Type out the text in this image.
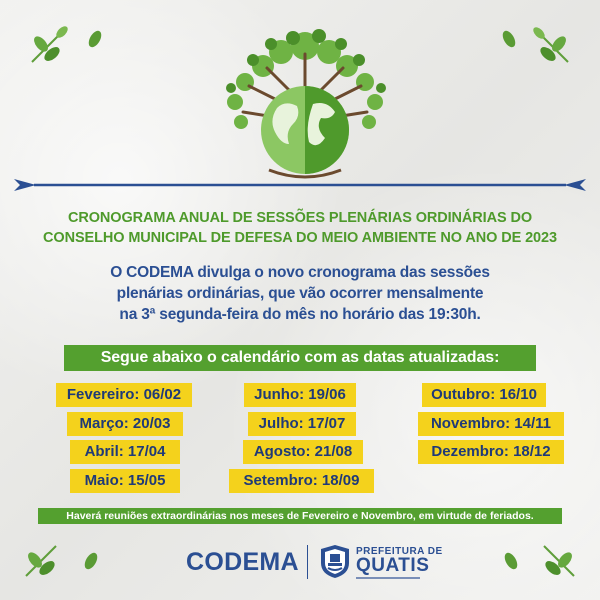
CRONOGRAMA ANUAL DE SESSÕES PLENÁRIAS ORDINÁRIAS DO
CONSELHO MUNICIPAL DE DEFESA DO MEIO AMBIENTE NO ANO DE 2023
O CODEMA divulga o novo cronograma das sessões
plenárias ordinárias, que vão ocorrer mensalmente
na 3ª segunda-feira do mês no horário das 19:30h.
Segue abaixo o calendário com as datas atualizadas:
Fevereiro: 06/02
Março: 20/03
Abril: 17/04
Maio: 15/05
Junho: 19/06
Julho: 17/07
Agosto: 21/08
Setembro: 18/09
Outubro: 16/10
Novembro: 14/11
Dezembro: 18/12
Haverá reuniões extraordinárias nos meses de Fevereiro e Novembro, em virtude de feriados.
CODEMA	PREFEITURA DE
QUATIS
